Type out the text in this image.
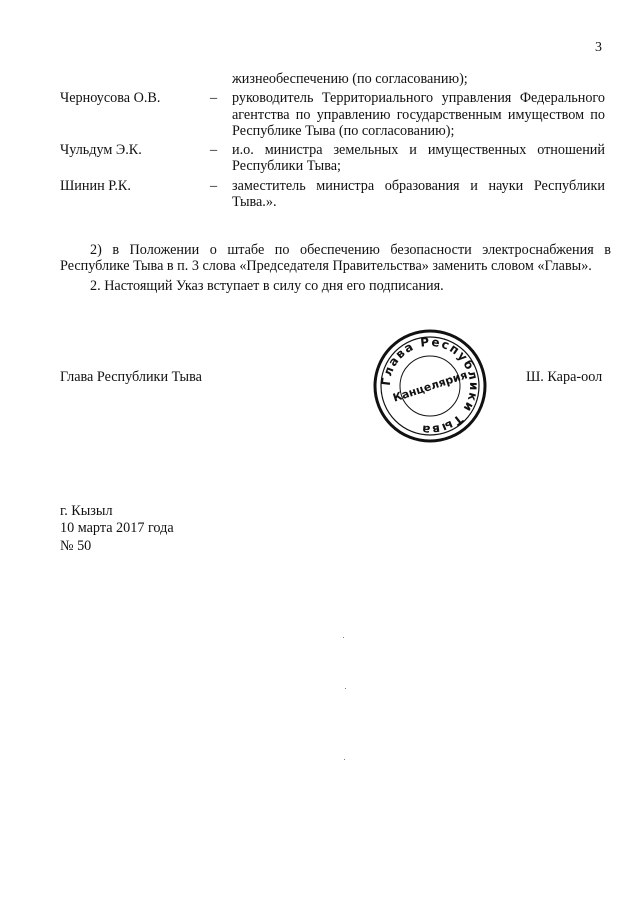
3
жизнеобеспечению (по согласованию);
Черноусова О.В.	–	руководитель Территориального управления Федерального агентства по управлению государственным имуществом по Республике Тыва (по согласованию);
Чульдум Э.К.	–	и.о. министра земельных и имущественных отношений Республики Тыва;
Шинин Р.К.	–	заместитель министра образования и науки Республики Тыва.».

2) в Положении о штабе по обеспечению безопасности электроснабжения в Республике Тыва в п. 3 слова «Председателя Правительства» заменить словом «Главы».

2. Настоящий Указ вступает в силу со дня его подписания.

Глава Республики Тыва	Ш. Кара-оол
Глава Республики Тыва
Канцелярия
г. Кызыл
10 марта 2017 года
№ 50
